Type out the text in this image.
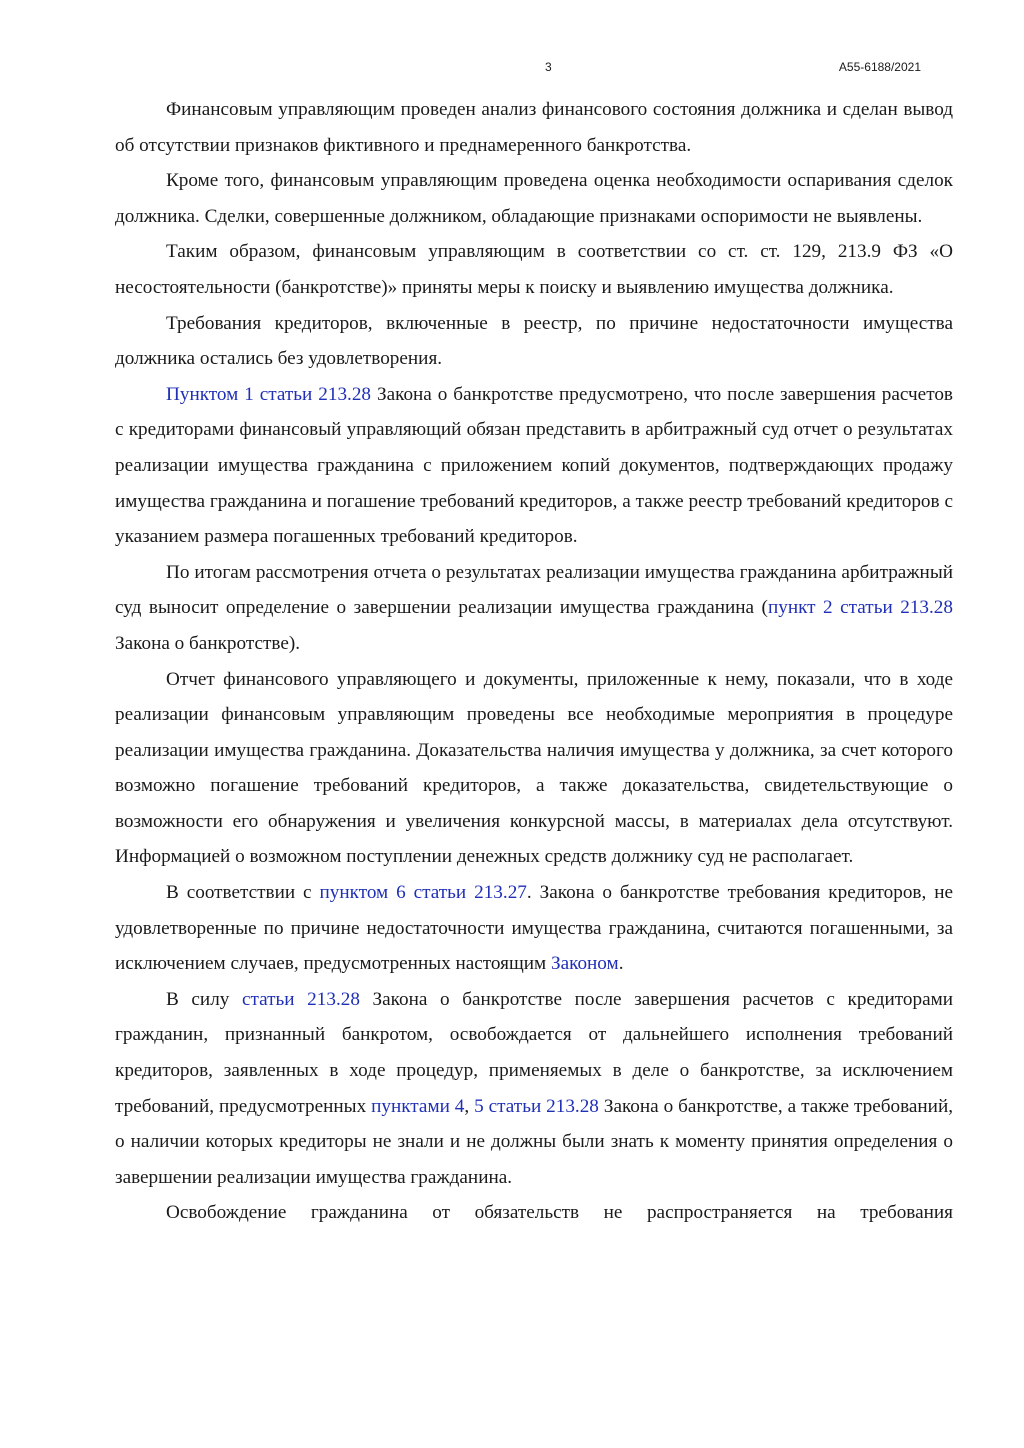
3	А55-6188/2021

Финансовым управляющим проведен анализ финансового состояния должника и сделан вывод об отсутствии признаков фиктивного и преднамеренного банкротства.

Кроме того, финансовым управляющим проведена оценка необходимости оспаривания сделок должника. Сделки, совершенные должником, обладающие признаками оспоримости не выявлены.

Таким образом, финансовым управляющим в соответствии со ст. ст. 129, 213.9 ФЗ «О несостоятельности (банкротстве)» приняты меры к поиску и выявлению имущества должника.

Требования кредиторов, включенные в реестр, по причине недостаточности имущества должника остались без удовлетворения.

Пунктом 1 статьи 213.28 Закона о банкротстве предусмотрено, что после завершения расчетов с кредиторами финансовый управляющий обязан представить в арбитражный суд отчет о результатах реализации имущества гражданина с приложением копий документов, подтверждающих продажу имущества гражданина и погашение требований кредиторов, а также реестр требований кредиторов с указанием размера погашенных требований кредиторов.

По итогам рассмотрения отчета о результатах реализации имущества гражданина арбитражный суд выносит определение о завершении реализации имущества гражданина (пункт 2 статьи 213.28 Закона о банкротстве).

Отчет финансового управляющего и документы, приложенные к нему, показали, что в ходе реализации финансовым управляющим проведены все необходимые мероприятия в процедуре реализации имущества гражданина. Доказательства наличия имущества у должника, за счет которого возможно погашение требований кредиторов, а также доказательства, свидетельствующие о возможности его обнаружения и увеличения конкурсной массы, в материалах дела отсутствуют. Информацией о возможном поступлении денежных средств должнику суд не располагает.

В соответствии с пунктом 6 статьи 213.27. Закона о банкротстве требования кредиторов, не удовлетворенные по причине недостаточности имущества гражданина, считаются погашенными, за исключением случаев, предусмотренных настоящим Законом.

В силу статьи 213.28 Закона о банкротстве после завершения расчетов с кредиторами гражданин, признанный банкротом, освобождается от дальнейшего исполнения требований кредиторов, заявленных в ходе процедур, применяемых в деле о банкротстве, за исключением требований, предусмотренных пунктами 4, 5 статьи 213.28 Закона о банкротстве, а также требований, о наличии которых кредиторы не знали и не должны были знать к моменту принятия определения о завершении реализации имущества гражданина.

Освобождение гражданина от обязательств не распространяется на требования
